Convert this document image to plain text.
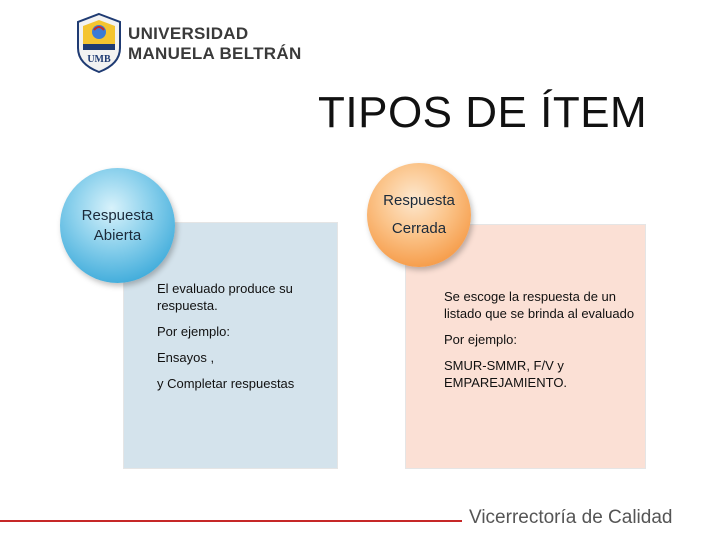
UMB
UNIVERSIDAD
MANUELA BELTRÁN
TIPOS DE ÍTEM
Respuesta Abierta
Respuesta
Cerrada

El evaluado produce su respuesta.

Por ejemplo:

Ensayos ,

y Completar respuestas

Se escoge la respuesta de un listado que se brinda al evaluado

Por ejemplo:

SMUR-SMMR, F/V y EMPAREJAMIENTO.

Vicerrectoría de Calidad
